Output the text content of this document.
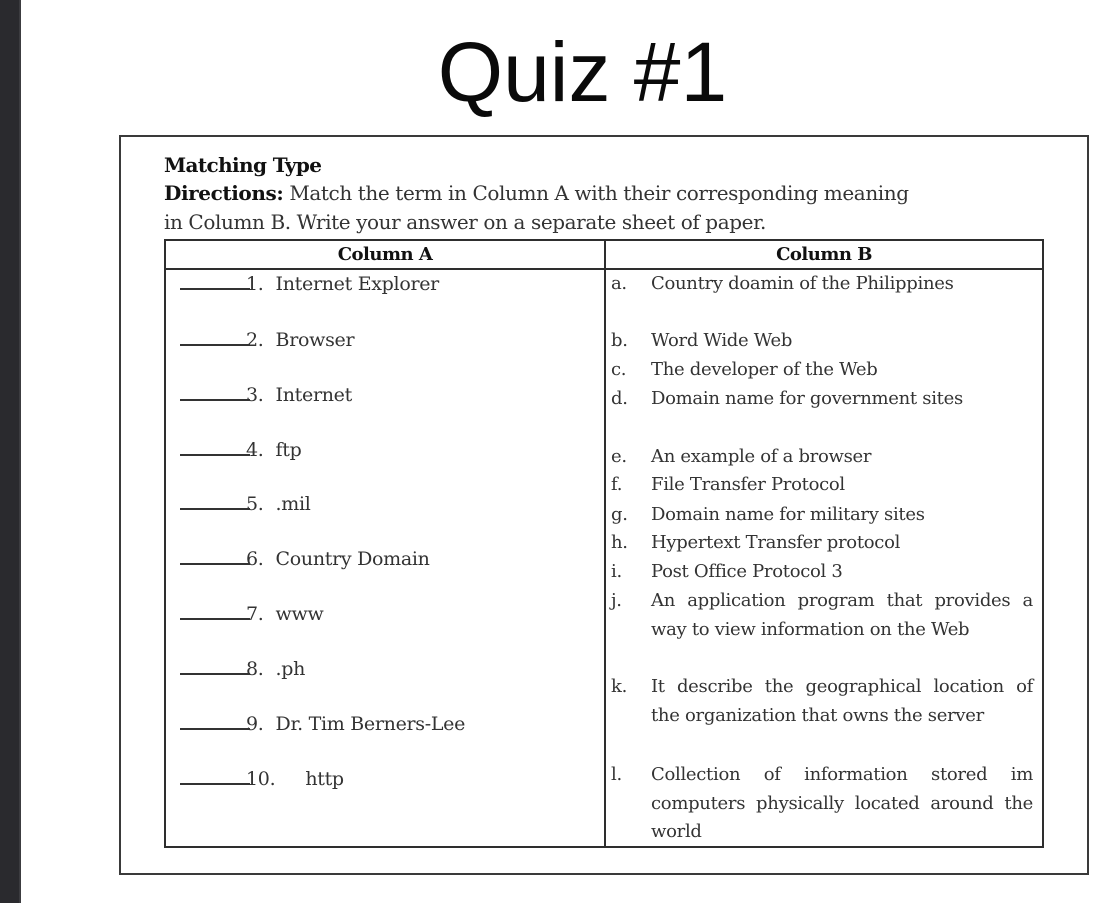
Quiz #1
Matching Type
Directions: Match the term in Column A with their corresponding meaning
in Column B. Write your answer on a separate sheet of paper.
Column A	Column B
1. Internet Explorer
2. Browser
3. Internet
4. ftp
5. .mil
6. Country Domain
7. www
8. .ph
9. Dr. Tim Berners-Lee
10. http
a.	Country doamin of the Philippines
b.	Word Wide Web
c.	The developer of the Web
d.	Domain name for government sites
e.	An example of a browser
f.	File Transfer Protocol
g.	Domain name for military sites
h.	Hypertext Transfer protocol
i.	Post Office Protocol 3
j.	An application program that provides a way to view information on the Web
k.	It describe the geographical location of the organization that owns the server
l.	Collection of information stored im computers physically located around the world
